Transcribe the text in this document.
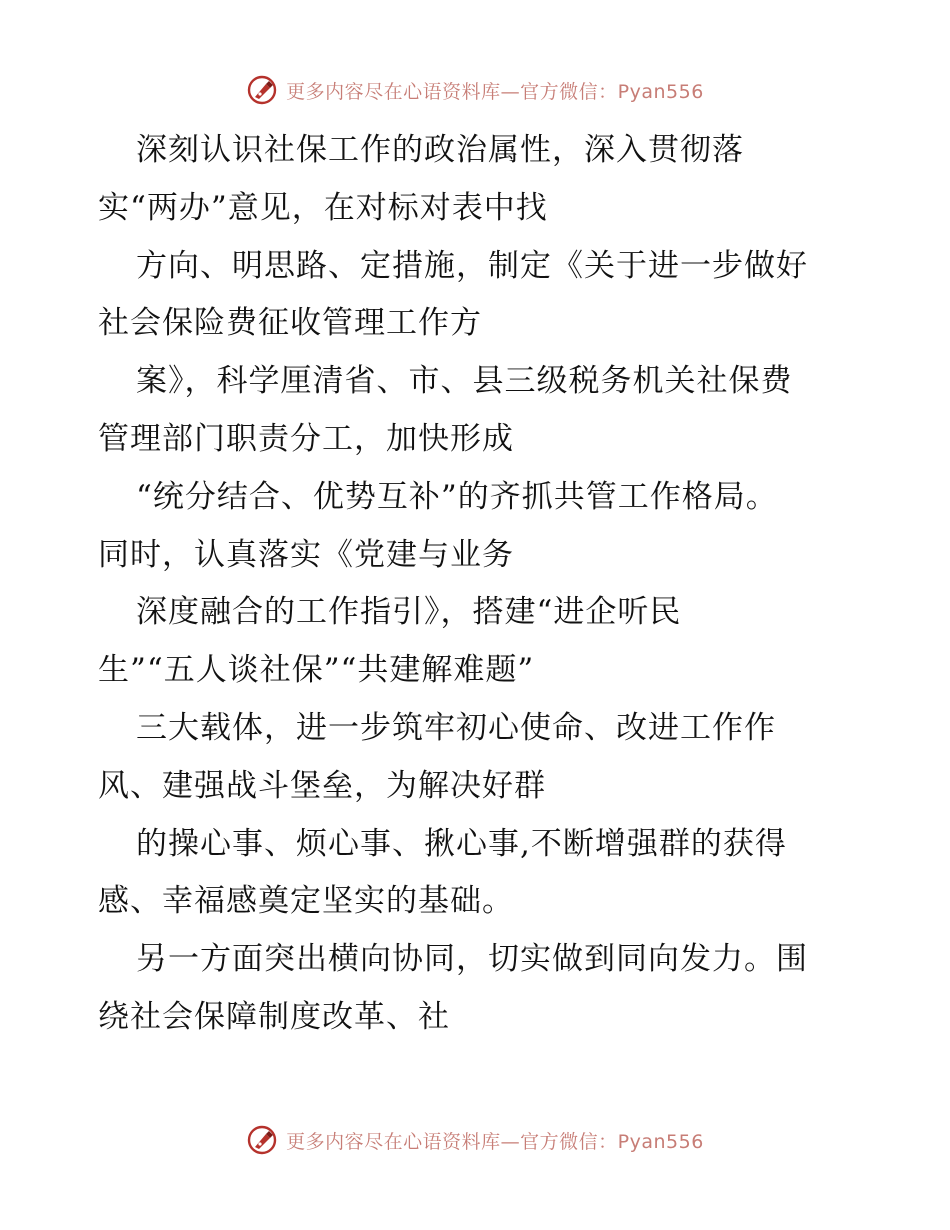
更多内容尽在心语资料库—官方微信：Pyan556
深刻认识社保工作的政治属性，深入贯彻落
实“两办”意见，在对标对表中找
方向、明思路、定措施，制定《关于进一步做好
社会保险费征收管理工作方
案》，科学厘清省、市、县三级税务机关社保费
管理部门职责分工，加快形成
“统分结合、优势互补”的齐抓共管工作格局。
同时，认真落实《党建与业务
深度融合的工作指引》，搭建“进企听民
生”“五人谈社保”“共建解难题”
三大载体，进一步筑牢初心使命、改进工作作
风、建强战斗堡垒，为解决好群
的操心事、烦心事、揪心事,不断增强群的获得
感、幸福感奠定坚实的基础。
另一方面突出横向协同，切实做到同向发力。围
绕社会保障制度改革、社
更多内容尽在心语资料库—官方微信：Pyan556
